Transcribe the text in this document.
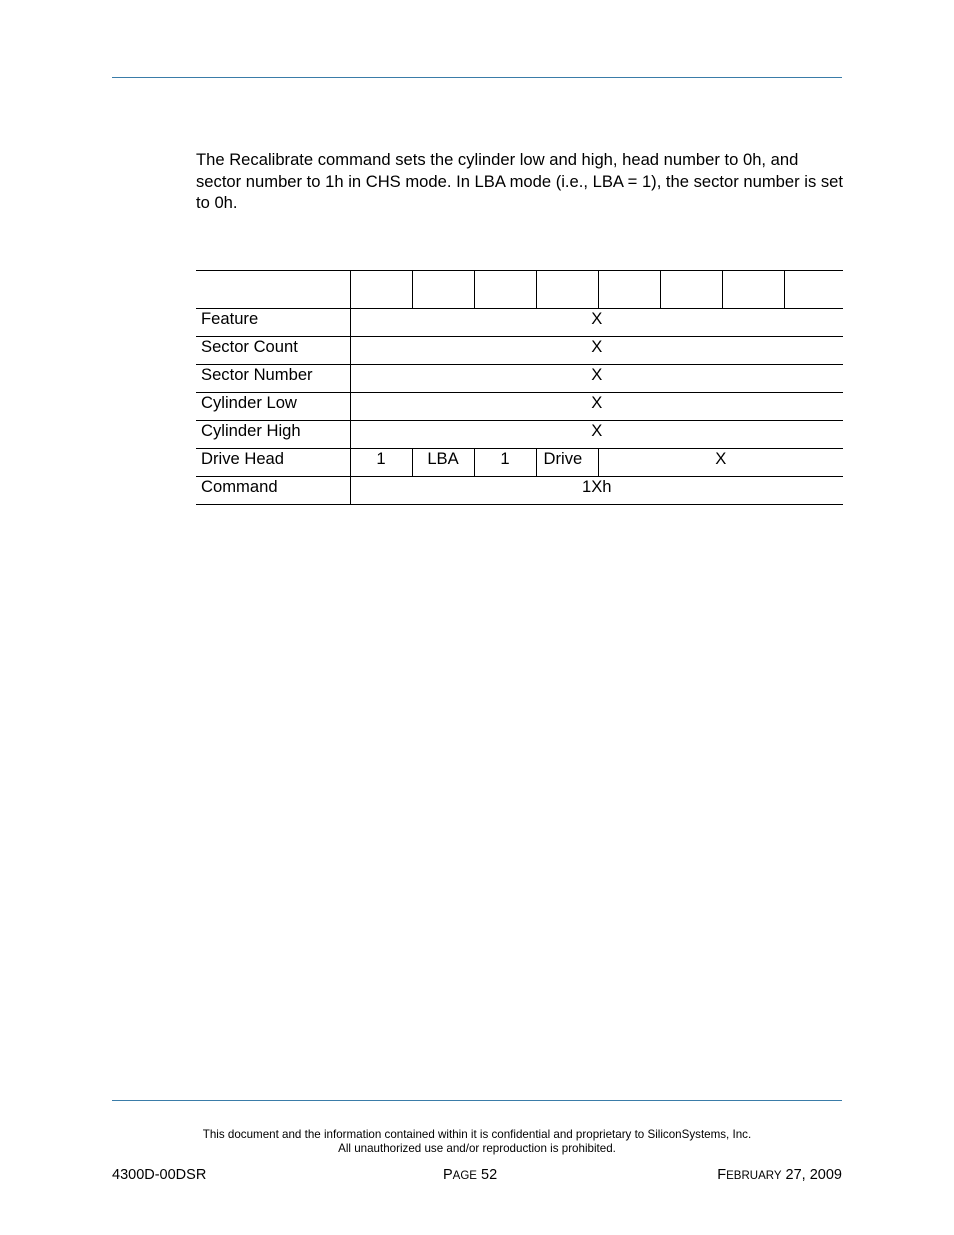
The Recalibrate command sets the cylinder low and high, head number to 0h, and sector number to 1h in CHS mode. In LBA mode (i.e., LBA = 1), the sector number is set to 0h.

Feature	X							
Sector Count	X							
Sector Number	X							
Cylinder Low	X							
Cylinder High	X							
Drive Head	1	LBA	1	Drive	X			
Command	1Xh							

This document and the information contained within it is confidential and proprietary to SiliconSystems, Inc.
All unauthorized use and/or reproduction is prohibited.

4300D-00DSR	PAGE 52	FEBRUARY 27, 2009
